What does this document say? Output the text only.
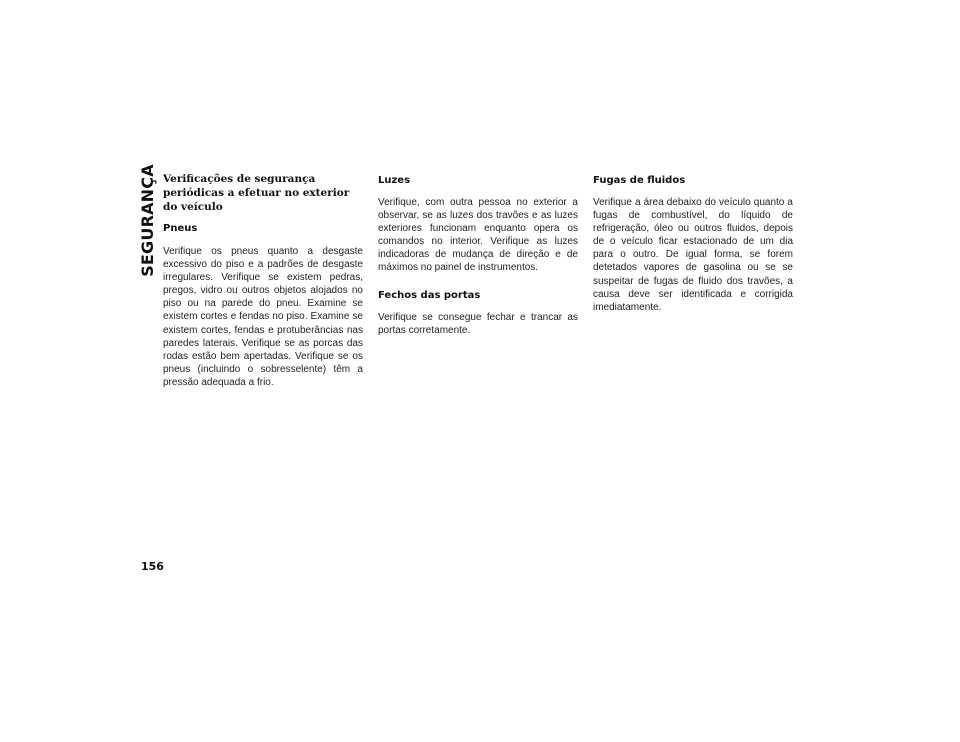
SEGURANÇA Verificações de segurança periódicas a efetuar no exterior do veículo
Pneus

Verifique os pneus quanto a desgaste excessivo do piso e a padrões de desgaste irregulares. Verifique se existem pedras, pregos, vidro ou outros objetos alojados no piso ou na parede do pneu. Examine se existem cortes e fendas no piso. Examine se existem cortes, fendas e protuberâncias nas paredes laterais. Verifique se as porcas das rodas estão bem apertadas. Verifique se os pneus (incluindo o sobresselente) têm a pressão adequada a frio.

Luzes

Verifique, com outra pessoa no exterior a observar, se as luzes dos travões e as luzes exteriores funcionam enquanto opera os comandos no interior. Verifique as luzes indicadoras de mudança de direção e de máximos no painel de instrumentos.

Fechos das portas

Verifique se consegue fechar e trancar as portas corretamente.

Fugas de fluidos

Verifique a área debaixo do veículo quanto a fugas de combustível, do líquido de refrigeração, óleo ou outros fluidos, depois de o veículo ficar estacionado de um dia para o outro. De igual forma, se forem detetados vapores de gasolina ou se se suspeitar de fugas de fluido dos travões, a causa deve ser identificada e corrigida imediatamente.

156
